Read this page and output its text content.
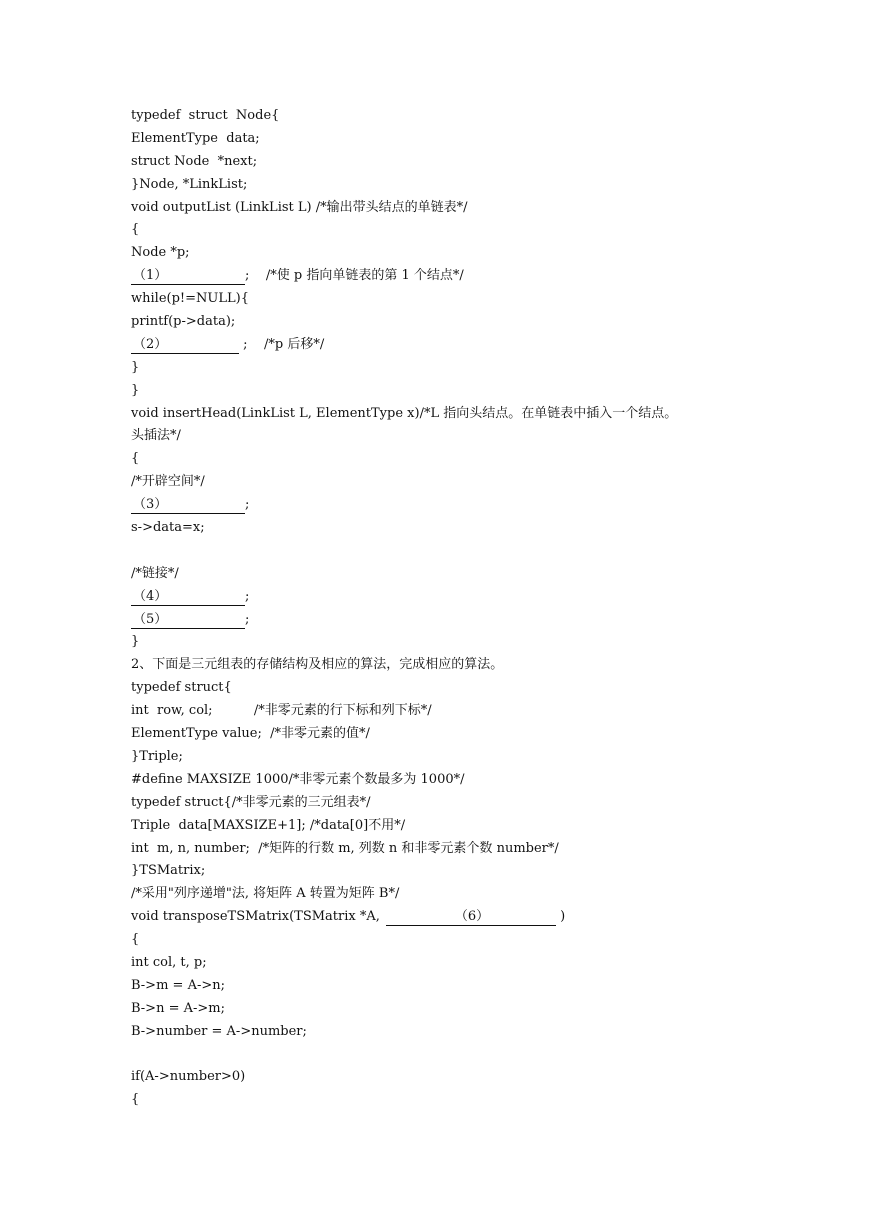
typedef  struct  Node{
ElementType  data;
struct Node  *next;
}Node, *LinkList;
void outputList (LinkList L) /*输出带头结点的单链表*/
{
Node *p;
（1）	;    /*使 p 指向单链表的第 1 个结点*/
while(p!=NULL){
printf(p->data);
（2）	;    /*p 后移*/
}
}
void insertHead(LinkList L, ElementType x)/*L 指向头结点。在单链表中插入一个结点。
头插法*/
{
/*开辟空间*/
（3）	;
s->data=x;
/*链接*/
（4）	;
（5）	;
}
2、下面是三元组表的存储结构及相应的算法，完成相应的算法。
typedef struct{
int  row, col;          /*非零元素的行下标和列下标*/
ElementType value;  /*非零元素的值*/
}Triple;
#define MAXSIZE 1000/*非零元素个数最多为 1000*/
typedef struct{/*非零元素的三元组表*/
Triple  data[MAXSIZE+1]; /*data[0]不用*/
int  m, n, number;  /*矩阵的行数 m, 列数 n 和非零元素个数 number*/
}TSMatrix;
/*采用"列序递增"法, 将矩阵 A 转置为矩阵 B*/
void transposeTSMatrix(TSMatrix *A,	（6）	)
{
int col, t, p;
B->m = A->n;
B->n = A->m;
B->number = A->number;
if(A->number>0)
{
